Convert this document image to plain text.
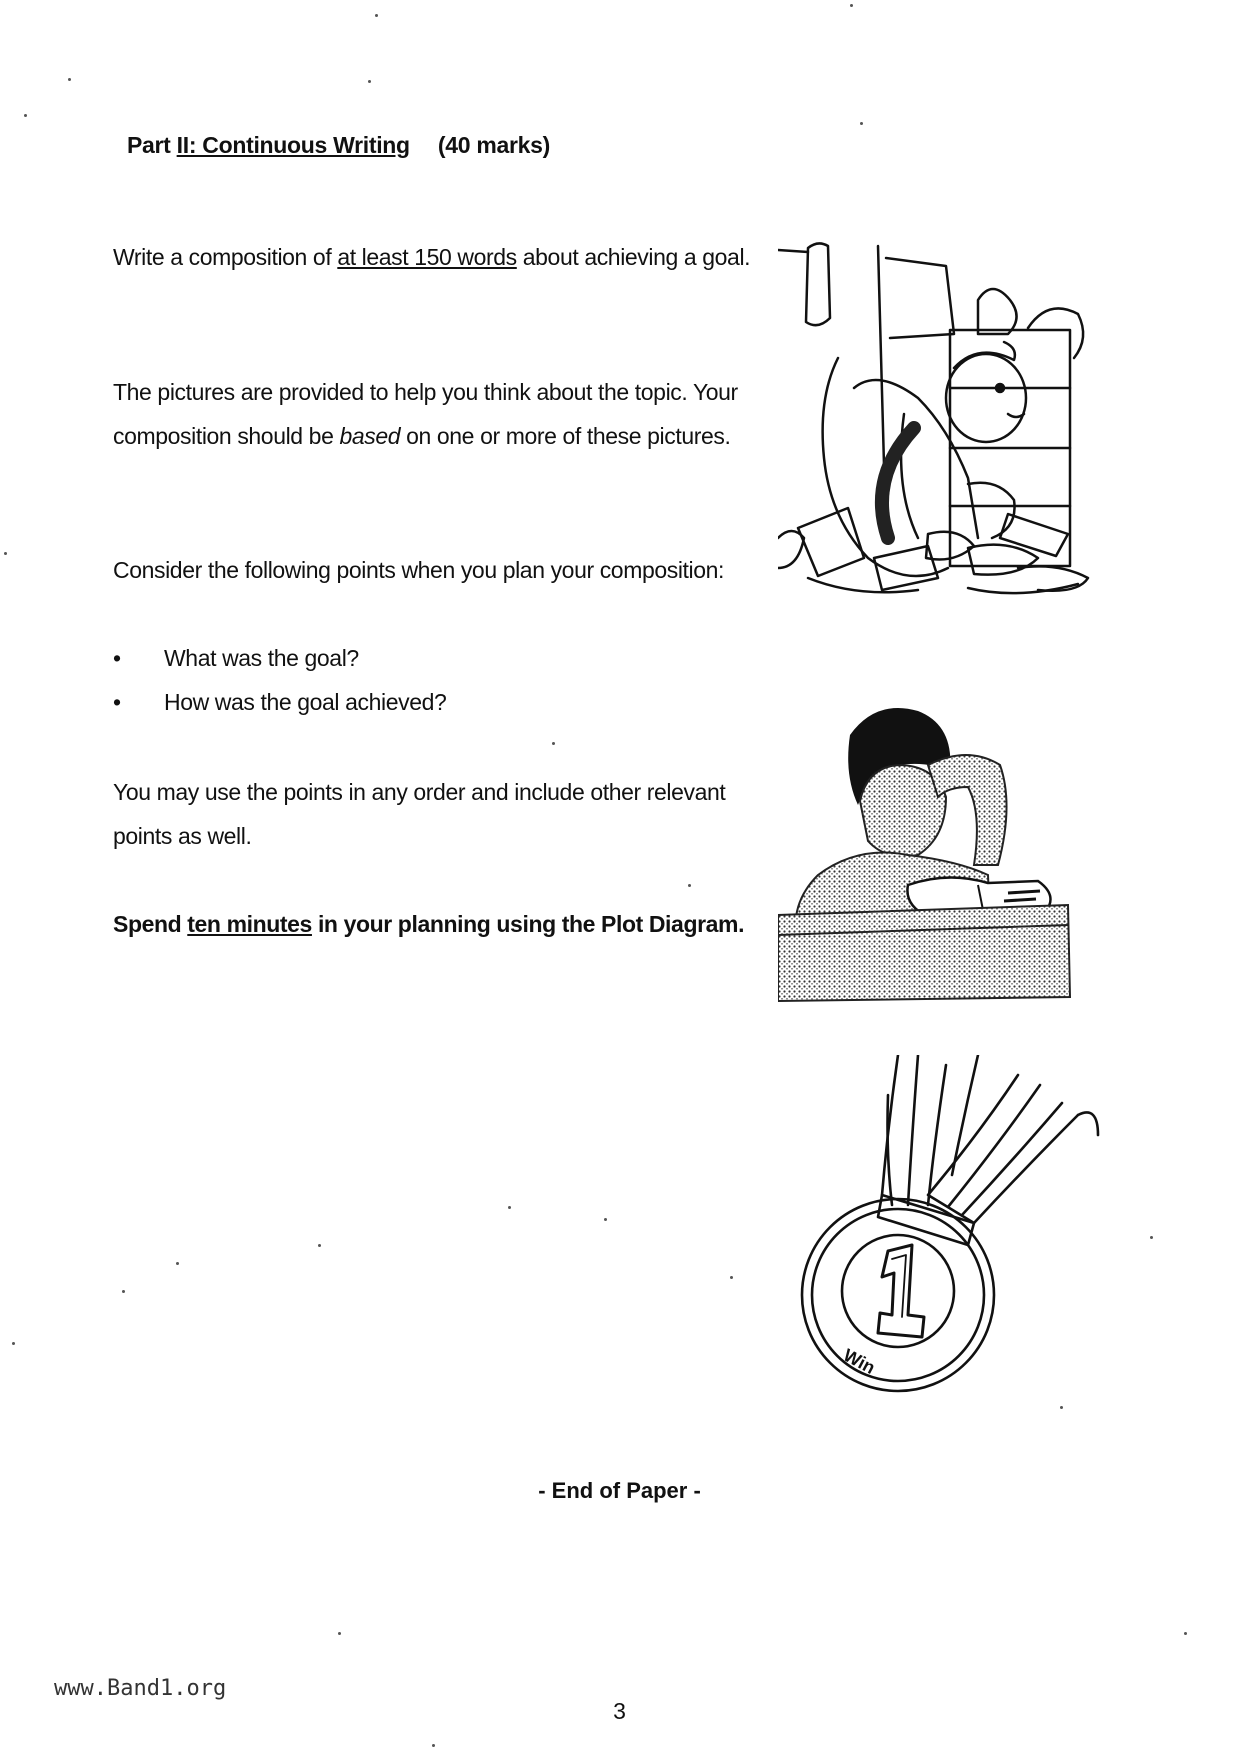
Part II: Continuous Writing (40 marks)
Write a composition of at least 150 words about achieving a goal.
The pictures are provided to help you think about the topic. Your composition should be based on one or more of these pictures.
Consider the following points when you plan your composition:
• What was the goal?
• How was the goal achieved?
You may use the points in any order and include other relevant points as well.
Spend ten minutes in your planning using the Plot Diagram.
Win
- End of Paper -
www.Band1.org
3
